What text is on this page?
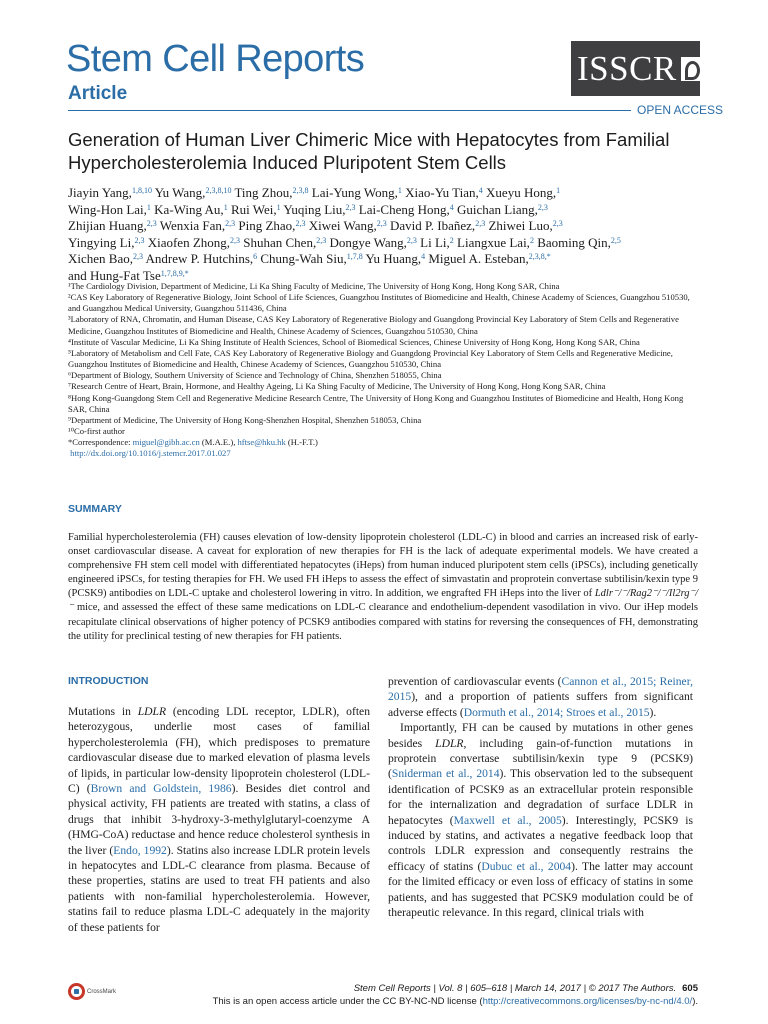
Stem Cell Reports
Article
ISSCR
OPEN ACCESS
Generation of Human Liver Chimeric Mice with Hepatocytes from Familial
Hypercholesterolemia Induced Pluripotent Stem Cells
Jiayin Yang,$^{1,8,10}$ Yu Wang,$^{2,3,8,10}$ Ting Zhou,$^{2,3,8}$ Lai-Yung Wong,$^1$ Xiao-Yu Tian,$^4$ Xueyu Hong,$^1$
Wing-Hon Lai,$^1$ Ka-Wing Au,$^1$ Rui Wei,$^1$ Yuqing Liu,$^{2,3}$ Lai-Cheng Hong,$^4$ Guichan Liang,$^{2,3}$
Zhijian Huang,$^{2,3}$ Wenxia Fan,$^{2,3}$ Ping Zhao,$^{2,3}$ Xiwei Wang,$^{2,3}$ David P. Ibañez,$^{2,3}$ Zhiwei Luo,$^{2,3}$
Yingying Li,$^{2,3}$ Xiaofen Zhong,$^{2,3}$ Shuhan Chen,$^{2,3}$ Dongye Wang,$^{2,3}$ Li Li,$^2$ Liangxue Lai,$^2$ Baoming Qin,$^{2,5}$
Xichen Bao,$^{2,3}$ Andrew P. Hutchins,$^6$ Chung-Wah Siu,$^{1,7,8}$ Yu Huang,$^4$ Miguel A. Esteban,$^{2,3,8,*}$
and Hung-Fat Tse$^{1,7,8,9,*}$

¹The Cardiology Division, Department of Medicine, Li Ka Shing Faculty of Medicine, The University of Hong Kong, Hong Kong SAR, China

²CAS Key Laboratory of Regenerative Biology, Joint School of Life Sciences, Guangzhou Institutes of Biomedicine and Health, Chinese Academy of Sciences, Guangzhou 510530, and Guangzhou Medical University, Guangzhou 511436, China

³Laboratory of RNA, Chromatin, and Human Disease, CAS Key Laboratory of Regenerative Biology and Guangdong Provincial Key Laboratory of Stem Cells and Regenerative Medicine, Guangzhou Institutes of Biomedicine and Health, Chinese Academy of Sciences, Guangzhou 510530, China

⁴Institute of Vascular Medicine, Li Ka Shing Institute of Health Sciences, School of Biomedical Sciences, Chinese University of Hong Kong, Hong Kong SAR, China

⁵Laboratory of Metabolism and Cell Fate, CAS Key Laboratory of Regenerative Biology and Guangdong Provincial Key Laboratory of Stem Cells and Regenerative Medicine, Guangzhou Institutes of Biomedicine and Health, Chinese Academy of Sciences, Guangzhou 510530, China

⁶Department of Biology, Southern University of Science and Technology of China, Shenzhen 518055, China

⁷Research Centre of Heart, Brain, Hormone, and Healthy Ageing, Li Ka Shing Faculty of Medicine, The University of Hong Kong, Hong Kong SAR, China

⁸Hong Kong-Guangdong Stem Cell and Regenerative Medicine Research Centre, The University of Hong Kong and Guangzhou Institutes of Biomedicine and Health, Hong Kong SAR, China

⁹Department of Medicine, The University of Hong Kong-Shenzhen Hospital, Shenzhen 518053, China

¹⁰Co-first author

*Correspondence: miguel@gibh.ac.cn (M.A.E.), hftse@hku.hk (H.-F.T.)

http://dx.doi.org/10.1016/j.stemcr.2017.01.027

SUMMARY
Familial hypercholesterolemia (FH) causes elevation of low-density lipoprotein cholesterol (LDL-C) in blood and carries an increased risk of early-onset cardiovascular disease. A caveat for exploration of new therapies for FH is the lack of adequate experimental models. We have created a comprehensive FH stem cell model with differentiated hepatocytes (iHeps) from human induced pluripotent stem cells (iPSCs), including genetically engineered iPSCs, for testing therapies for FH. We used FH iHeps to assess the effect of simvastatin and proprotein convertase subtilisin/kexin type 9 (PCSK9) antibodies on LDL-C uptake and cholesterol lowering in vitro. In addition, we engrafted FH iHeps into the liver of Ldlr⁻/⁻/Rag2⁻/⁻/Il2rg⁻/⁻ mice, and assessed the effect of these same medications on LDL-C clearance and endothelium-dependent vasodilation in vivo. Our iHep models recapitulate clinical observations of higher potency of PCSK9 antibodies compared with statins for reversing the consequences of FH, demonstrating the utility for preclinical testing of new therapies for FH patients.
INTRODUCTION

Mutations in LDLR (encoding LDL receptor, LDLR), often heterozygous, underlie most cases of familial hypercholesterolemia (FH), which predisposes to premature cardiovascular disease due to marked elevation of plasma levels of lipids, in particular low-density lipoprotein cholesterol (LDL-C) (Brown and Goldstein, 1986). Besides diet control and physical activity, FH patients are treated with statins, a class of drugs that inhibit 3-hydroxy-3-methylglutaryl-coenzyme A (HMG-CoA) reductase and hence reduce cholesterol synthesis in the liver (Endo, 1992). Statins also increase LDLR protein levels in hepatocytes and LDL-C clearance from plasma. Because of these properties, statins are used to treat FH patients and also patients with non-familial hypercholesterolemia. However, statins fail to reduce plasma LDL-C adequately in the majority of these patients for

prevention of cardiovascular events (Cannon et al., 2015; Reiner, 2015), and a proportion of patients suffers from significant adverse effects (Dormuth et al., 2014; Stroes et al., 2015).

Importantly, FH can be caused by mutations in other genes besides LDLR, including gain-of-function mutations in proprotein convertase subtilisin/kexin type 9 (PCSK9) (Sniderman et al., 2014). This observation led to the subsequent identification of PCSK9 as an extracellular protein responsible for the internalization and degradation of surface LDLR in hepatocytes (Maxwell et al., 2005). Interestingly, PCSK9 is induced by statins, and activates a negative feedback loop that controls LDLR expression and consequently restrains the efficacy of statins (Dubuc et al., 2004). The latter may account for the limited efficacy or even loss of efficacy of statins in some patients, and has suggested that PCSK9 modulation could be of therapeutic relevance. In this regard, clinical trials with

CrossMark	Stem Cell Reports | Vol. 8 | 605–618 | March 14, 2017 | © 2017 The Authors. 605
This is an open access article under the CC BY-NC-ND license (http://creativecommons.org/licenses/by-nc-nd/4.0/).
